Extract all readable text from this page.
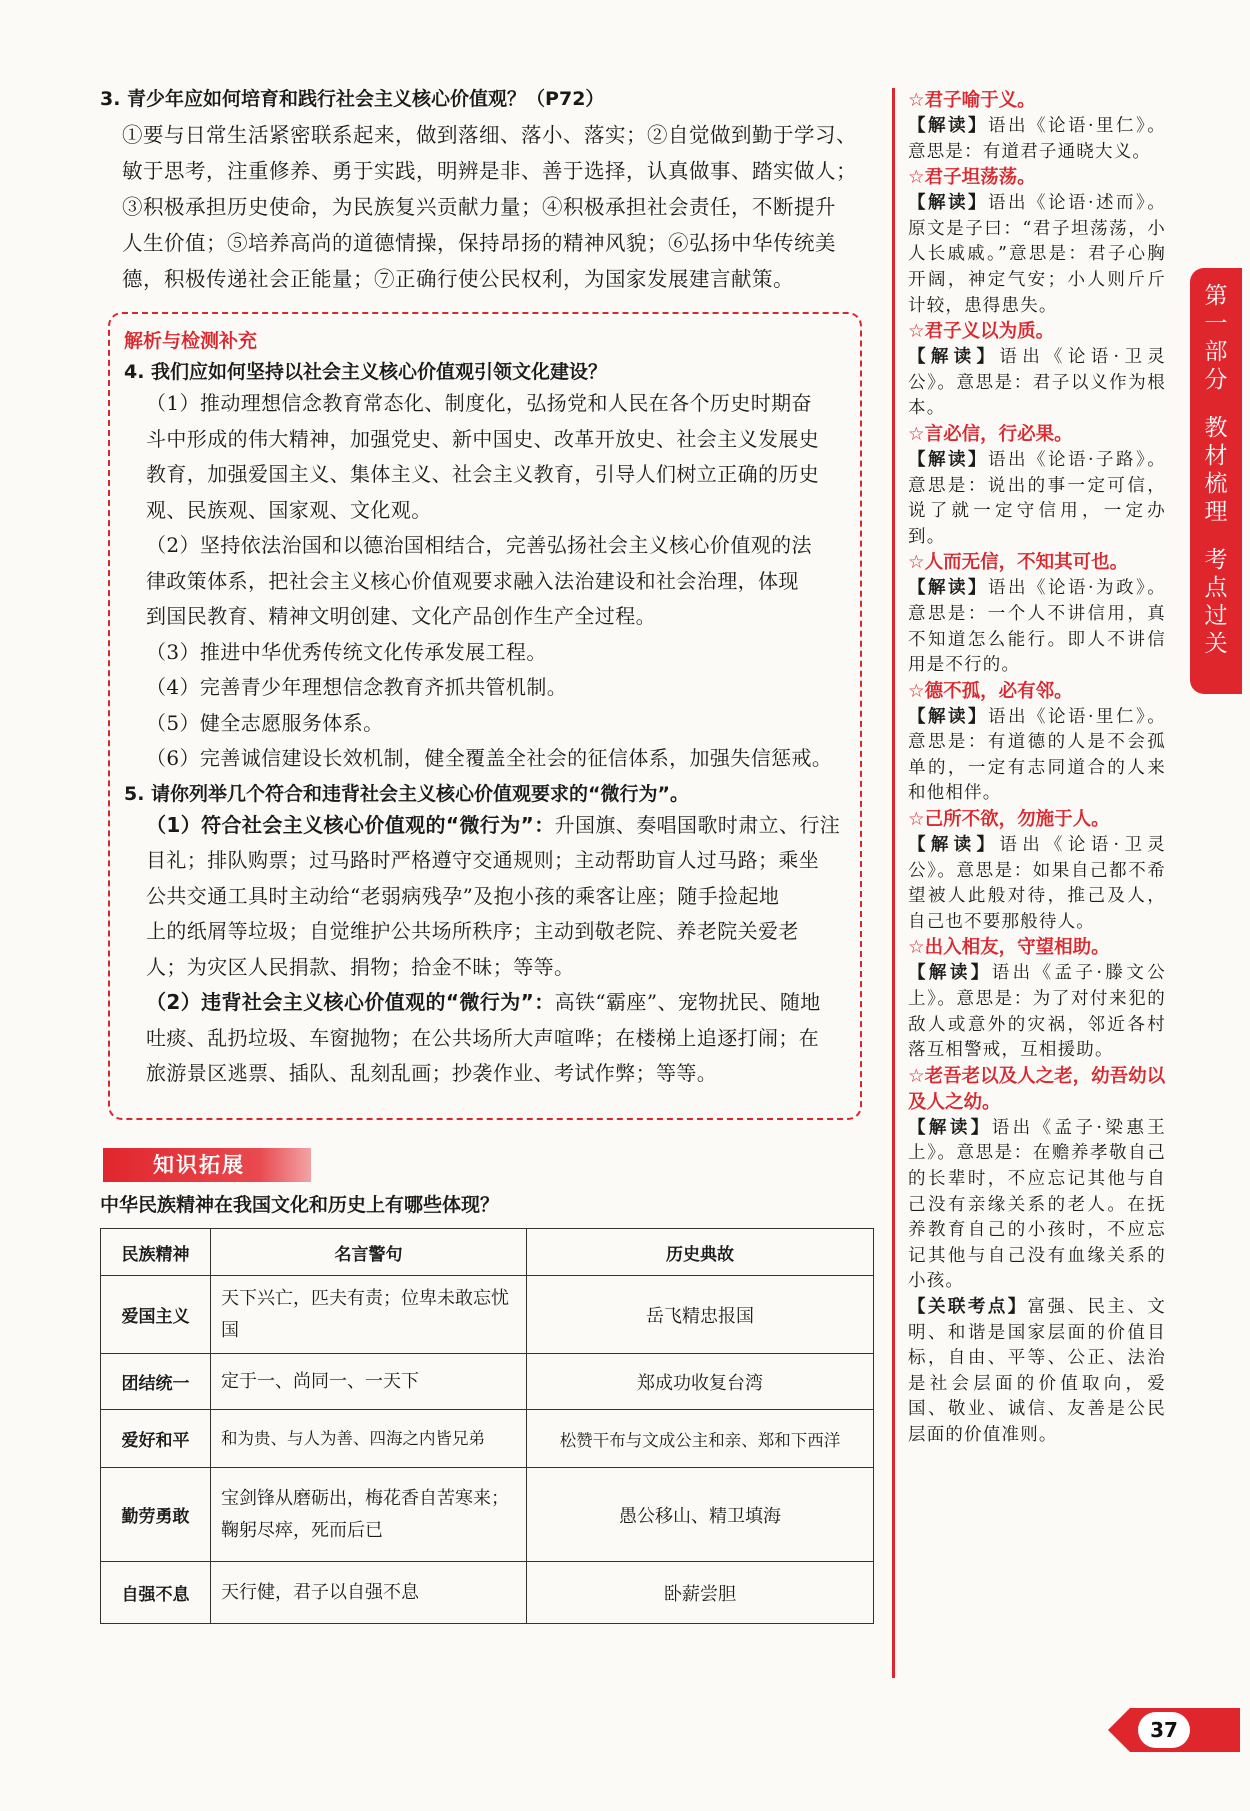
3. 青少年应如何培育和践行社会主义核心价值观？（P72）

①要与日常生活紧密联系起来，做到落细、落小、落实；②自觉做到勤于学习、

敏于思考，注重修养、勇于实践，明辨是非、善于选择，认真做事、踏实做人；

③积极承担历史使命，为民族复兴贡献力量；④积极承担社会责任，不断提升

人生价值；⑤培养高尚的道德情操，保持昂扬的精神风貌；⑥弘扬中华传统美

德，积极传递社会正能量；⑦正确行使公民权利，为国家发展建言献策。

解析与检测补充

4. 我们应如何坚持以社会主义核心价值观引领文化建设？

（1）推动理想信念教育常态化、制度化，弘扬党和人民在各个历史时期奋

斗中形成的伟大精神，加强党史、新中国史、改革开放史、社会主义发展史

教育，加强爱国主义、集体主义、社会主义教育，引导人们树立正确的历史

观、民族观、国家观、文化观。

（2）坚持依法治国和以德治国相结合，完善弘扬社会主义核心价值观的法

律政策体系，把社会主义核心价值观要求融入法治建设和社会治理，体现

到国民教育、精神文明创建、文化产品创作生产全过程。

（3）推进中华优秀传统文化传承发展工程。

（4）完善青少年理想信念教育齐抓共管机制。

（5）健全志愿服务体系。

（6）完善诚信建设长效机制，健全覆盖全社会的征信体系，加强失信惩戒。

5. 请你列举几个符合和违背社会主义核心价值观要求的“微行为”。

（1）符合社会主义核心价值观的“微行为”：升国旗、奏唱国歌时肃立、行注

目礼；排队购票；过马路时严格遵守交通规则；主动帮助盲人过马路；乘坐

公共交通工具时主动给“老弱病残孕”及抱小孩的乘客让座；随手捡起地

上的纸屑等垃圾；自觉维护公共场所秩序；主动到敬老院、养老院关爱老

人；为灾区人民捐款、捐物；拾金不昧；等等。

（2）违背社会主义核心价值观的“微行为”：高铁“霸座”、宠物扰民、随地

吐痰、乱扔垃圾、车窗抛物；在公共场所大声喧哗；在楼梯上追逐打闹；在

旅游景区逃票、插队、乱刻乱画；抄袭作业、考试作弊；等等。

知识拓展
中华民族精神在我国文化和历史上有哪些体现？
民族精神	名言警句	历史典故
爱国主义	天下兴亡，匹夫有责；位卑未敢忘忧国	岳飞精忠报国
团结统一	定于一、尚同一、一天下	郑成功收复台湾
爱好和平	和为贵、与人为善、四海之内皆兄弟	松赞干布与文成公主和亲、郑和下西洋
勤劳勇敢	宝剑锋从磨砺出，梅花香自苦寒来；鞠躬尽瘁，死而后已	愚公移山、精卫填海
自强不息	天行健，君子以自强不息	卧薪尝胆

☆君子喻于义。

【解读】语出《论语·里仁》。意思是：有道君子通晓大义。

☆君子坦荡荡。

【解读】语出《论语·述而》。原文是子曰：“君子坦荡荡，小人长戚戚。”意思是：君子心胸开阔，神定气安；小人则斤斤计较，患得患失。

☆君子义以为质。

【解读】语出《论语·卫灵公》。意思是：君子以义作为根本。

☆言必信，行必果。

【解读】语出《论语·子路》。意思是：说出的事一定可信，说了就一定守信用，一定办到。

☆人而无信，不知其可也。

【解读】语出《论语·为政》。意思是：一个人不讲信用，真不知道怎么能行。即人不讲信用是不行的。

☆德不孤，必有邻。

【解读】语出《论语·里仁》。意思是：有道德的人是不会孤单的，一定有志同道合的人来和他相伴。

☆己所不欲，勿施于人。

【解读】语出《论语·卫灵公》。意思是：如果自己都不希望被人此般对待，推己及人，自己也不要那般待人。

☆出入相友，守望相助。

【解读】语出《孟子·滕文公上》。意思是：为了对付来犯的敌人或意外的灾祸，邻近各村落互相警戒，互相援助。

☆老吾老以及人之老，幼吾幼以及人之幼。

【解读】语出《孟子·梁惠王上》。意思是：在赡养孝敬自己的长辈时，不应忘记其他与自己没有亲缘关系的老人。在抚养教育自己的小孩时，不应忘记其他与自己没有血缘关系的小孩。

【关联考点】富强、民主、文明、和谐是国家层面的价值目标，自由、平等、公正、法治是社会层面的价值取向，爱国、敬业、诚信、友善是公民层面的价值准则。

第
一
部
分
教
材
梳
理
考
点
过
关
37
